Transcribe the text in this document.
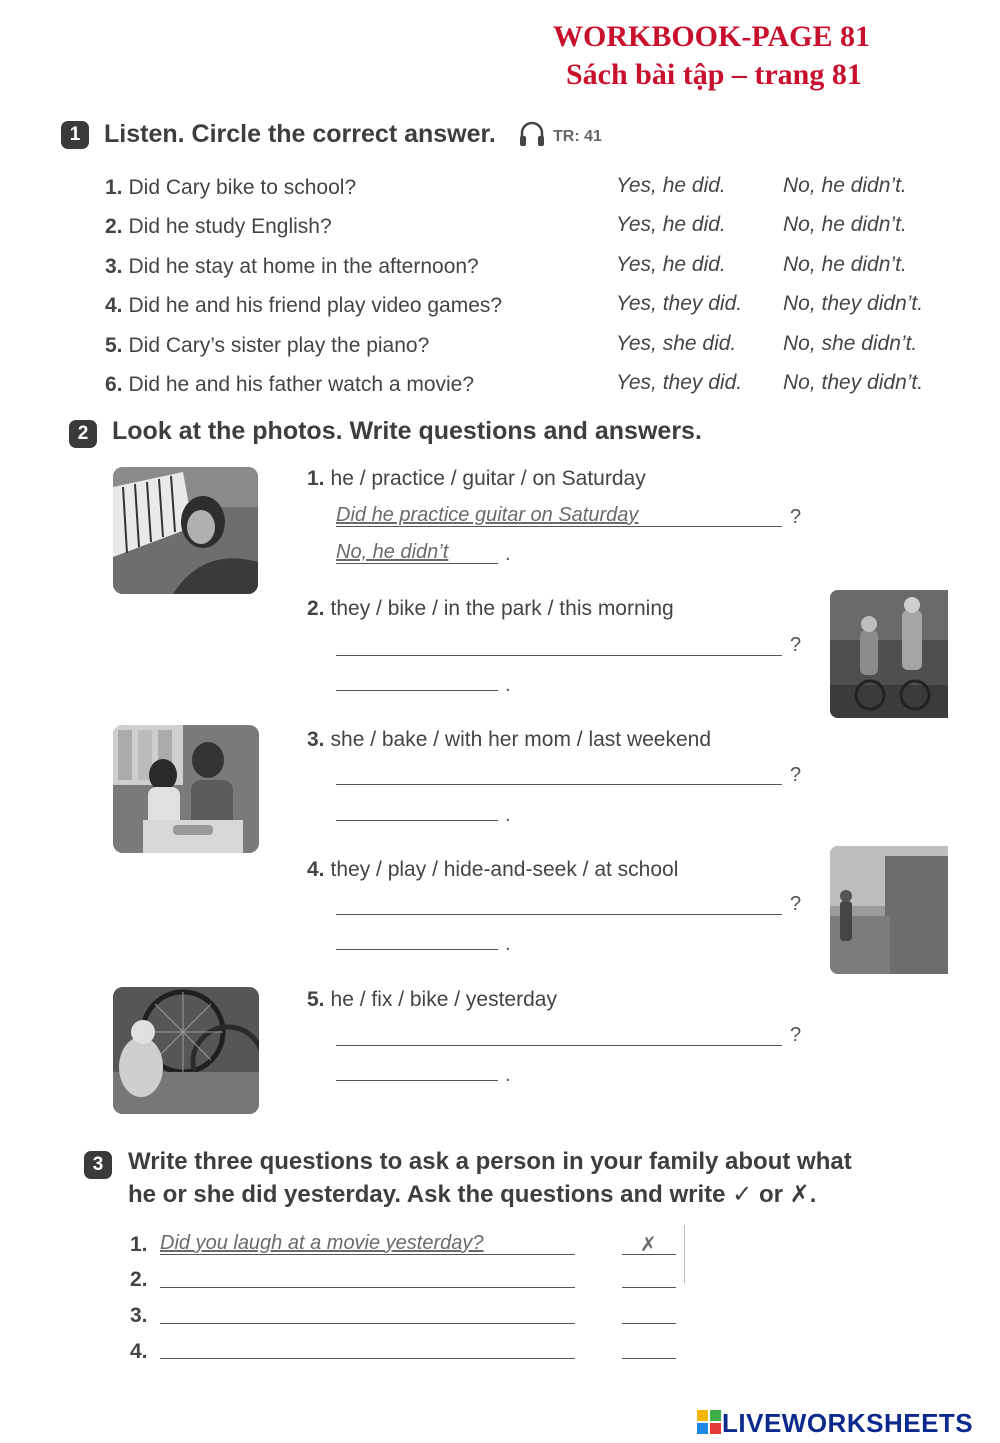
WORKBOOK-PAGE 81
Sách bài tập – trang 81
1 Listen. Circle the correct answer.	TR: 41
1. Did Cary bike to school?	Yes, he did.	No, he didn’t.
2. Did he study English?	Yes, he did.	No, he didn’t.
3. Did he stay at home in the afternoon?	Yes, he did.	No, he didn’t.
4. Did he and his friend play video games?	Yes, they did. No, they didn’t.
5. Did Cary’s sister play the piano?	Yes, she did. No, she didn’t.
6. Did he and his father watch a movie?	Yes, they did. No, they didn’t.
2 Look at the photos. Write questions and answers.
1. he / practice / guitar / on Saturday
Did he practice guitar on Saturday	?
No, he didn’t	.
2. they / bike / in the park / this morning
?
.
3. she / bake / with her mom / last weekend
?
.
4. they / play / hide-and-seek / at school
?
.
5. he / fix / bike / yesterday
?
.
3	Write three questions to ask a person in your family about what
he or she did yesterday. Ask the questions and write ✓ or ✗.
1. Did you laugh at a movie yesterday?	✗
2.
3.
4.
LIVEWORKSHEETS
